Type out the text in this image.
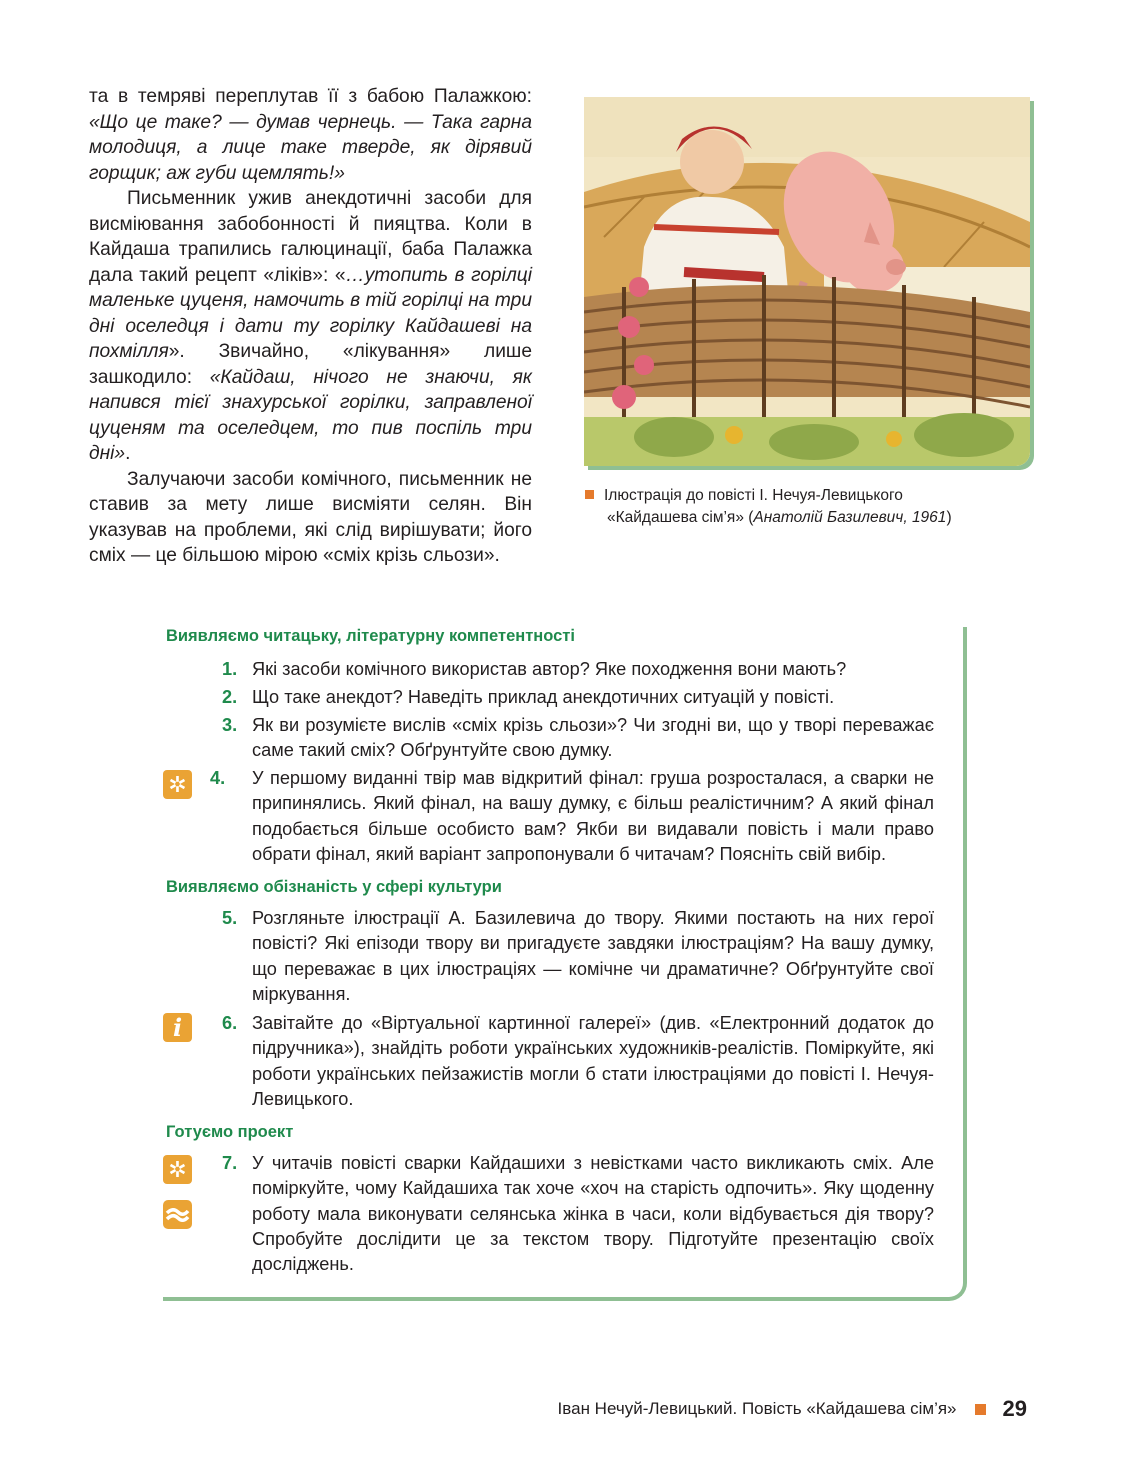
та в темряві переплутав її з бабою Палажкою: «Що це таке? — думав чернець. — Така гарна молодиця, а лице таке тверде, як дірявий горщик; аж губи щемлять!»

Письменник ужив анекдотичні засоби для висміювання забобонності й пияцтва. Коли в Кайдаша трапились галюцинації, баба Палажка дала такий рецепт «ліків»: «…утопить в горілці маленьке цуценя, намочить в тій горілці на три дні оселедця і дати ту горілку Кайдашеві на похмілля». Звичайно, «лікування» лише зашкодило: «Кайдаш, нічого не знаючи, як напився тієї знахурської горілки, заправленої цуценям та оселедцем, то пив поспіль три дні».

Залучаючи засоби комічного, письменник не ставив за мету лише висміяти селян. Він указував на проблеми, які слід вирішувати; його сміх — це більшою мірою «сміх крізь сльози».

Ілюстрація до повісті І. Нечуя-Левицького
«Кайдашева сім’я» (Анатолій Базилевич, 1961)
Виявляємо читацьку, літературну компетентності
1. Які засоби комічного використав автор? Яке походження вони мають?
2. Що таке анекдот? Наведіть приклад анекдотичних ситуацій у повісті.
3. Як ви розумієте вислів «сміх крізь сльози»? Чи згодні ви, що у творі переважає саме такий сміх? Обґрунтуйте свою думку.
✲ 4. У першому виданні твір мав відкритий фінал: груша розросталася, а сварки не припинялись. Який фінал, на вашу думку, є більш реалістичним? А який фінал подобається більше особисто вам? Якби ви видавали повість і мали право обрати фінал, який варіант запропонували б читачам? Поясніть свій вибір.
Виявляємо обізнаність у сфері культури
5. Розгляньте ілюстрації А. Базилевича до твору. Якими постають на них герої повісті? Які епізоди твору ви пригадуєте завдяки ілюстраціям? На вашу думку, що переважає в цих ілюстраціях — комічне чи драматичне? Обґрунтуйте свої міркування.
i	6. Завітайте до «Віртуальної картинної галереї» (див. «Електронний додаток до підручника»), знайдіть роботи українських художників-реалістів. Поміркуйте, які роботи українських пейзажистів могли б стати ілюстраціями до повісті І. Нечуя-Левицького.
Готуємо проект
✲ 7. У читачів повісті сварки Кайдашихи з невістками часто викликають сміх. Але поміркуйте, чому Кайдашиха так хоче «хоч на старість одпочить». Яку щоденну роботу мала виконувати селянська жінка в часи, коли відбувається дія твору? Спробуйте дослідити це за текстом твору. Підготуйте презентацію своїх досліджень.
Іван Нечуй-Левицький. Повість «Кайдашева сім’я» 29
